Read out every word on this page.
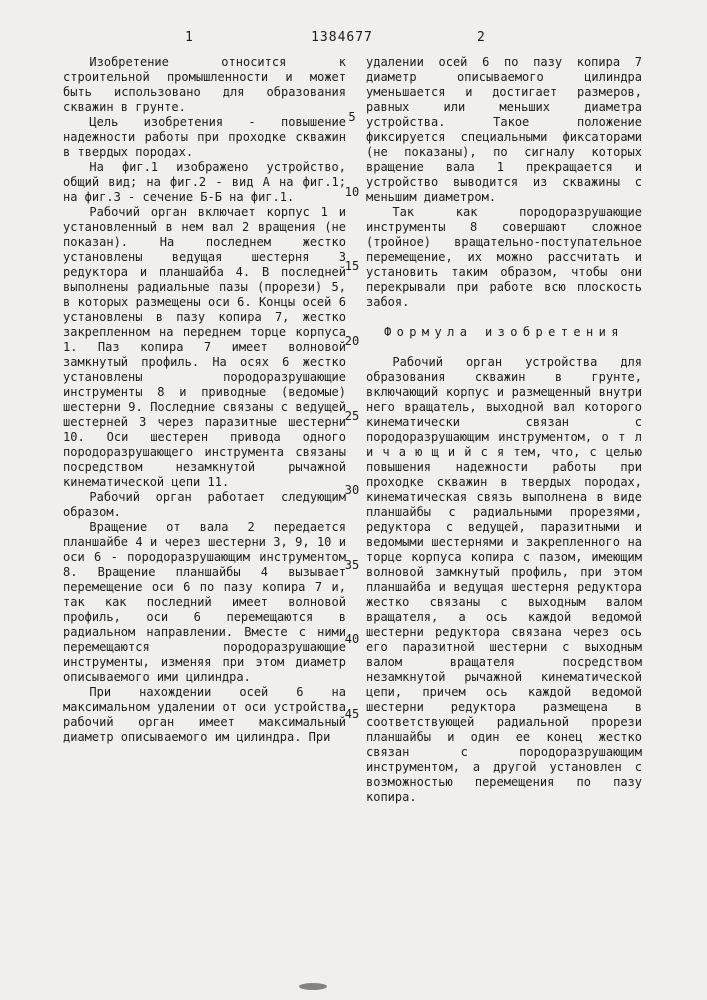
1	1384677	2
5
10
15
20
25
30
35
40
45

Изобретение относится к строительной промышленности и может быть использовано для образования скважин в грунте.

Цель изобретения - повышение надежности работы при проходке скважин в твердых породах.

На фиг.1 изображено устройство, общий вид; на фиг.2 - вид А на фиг.1; на фиг.3 - сечение Б-Б на фиг.1.

Рабочий орган включает корпус 1 и установленный в нем вал 2 вращения (не показан). На последнем жестко установлены ведущая шестерня 3 редуктора и планшайба 4. В последней выполнены радиальные пазы (прорези) 5, в которых размещены оси 6. Концы осей 6 установлены в пазу копира 7, жестко закрепленном на переднем торце корпуса 1. Паз копира 7 имеет волновой замкнутый профиль. На осях 6 жестко установлены породоразрушающие инструменты 8 и приводные (ведомые) шестерни 9. Последние связаны с ведущей шестерней 3 через паразитные шестерни 10. Оси шестерен привода одного породоразрушающего инструмента связаны посредством незамкнутой рычажной кинематической цепи 11.

Рабочий орган работает следующим образом.

Вращение от вала 2 передается планшайбе 4 и через шестерни 3, 9, 10 и оси 6 - породоразрушающим инструментом 8. Вращение планшайбы 4 вызывает перемещение оси 6 по пазу копира 7 и, так как последний имеет волновой профиль, оси 6 перемещаются в радиальном направлении. Вместе с ними перемещаются породоразрушающие инструменты, изменяя при этом диаметр описываемого ими цилиндра.

При нахождении осей 6 на максимальном удалении от оси устройства рабочий орган имеет максимальный диаметр описываемого им цилиндра. При

удалении осей 6 по пазу копира 7 диаметр описываемого цилиндра уменьшается и достигает размеров, равных или меньших диаметра устройства. Такое положение фиксируется специальными фиксаторами (не показаны), по сигналу которых вращение вала 1 прекращается и устройство выводится из скважины с меньшим диаметром.

Так как породоразрушающие инструменты 8 совершают сложное (тройное) вращательно-поступательное перемещение, их можно рассчитать и установить таким образом, чтобы они перекрывали при работе всю плоскость забоя.

Формула изобретения

Рабочий орган устройства для образования скважин в грунте, включающий корпус и размещенный внутри него вращатель, выходной вал которого кинематически связан с породоразрушающим инструментом, о т л и ч а ю щ и й с я тем, что, с целью повышения надежности работы при проходке скважин в твердых породах, кинематическая связь выполнена в виде планшайбы с радиальными прорезями, редуктора с ведущей, паразитными и ведомыми шестернями и закрепленного на торце корпуса копира с пазом, имеющим волновой замкнутый профиль, при этом планшайба и ведущая шестерня редуктора жестко связаны с выходным валом вращателя, а ось каждой ведомой шестерни редуктора связана через ось его паразитной шестерни с выходным валом вращателя посредством незамкнутой рычажной кинематической цепи, причем ось каждой ведомой шестерни редуктора размещена в соответствующей радиальной прорези планшайбы и один ее конец жестко связан с породоразрушающим инструментом, а другой установлен с возможностью перемещения по пазу копира.
